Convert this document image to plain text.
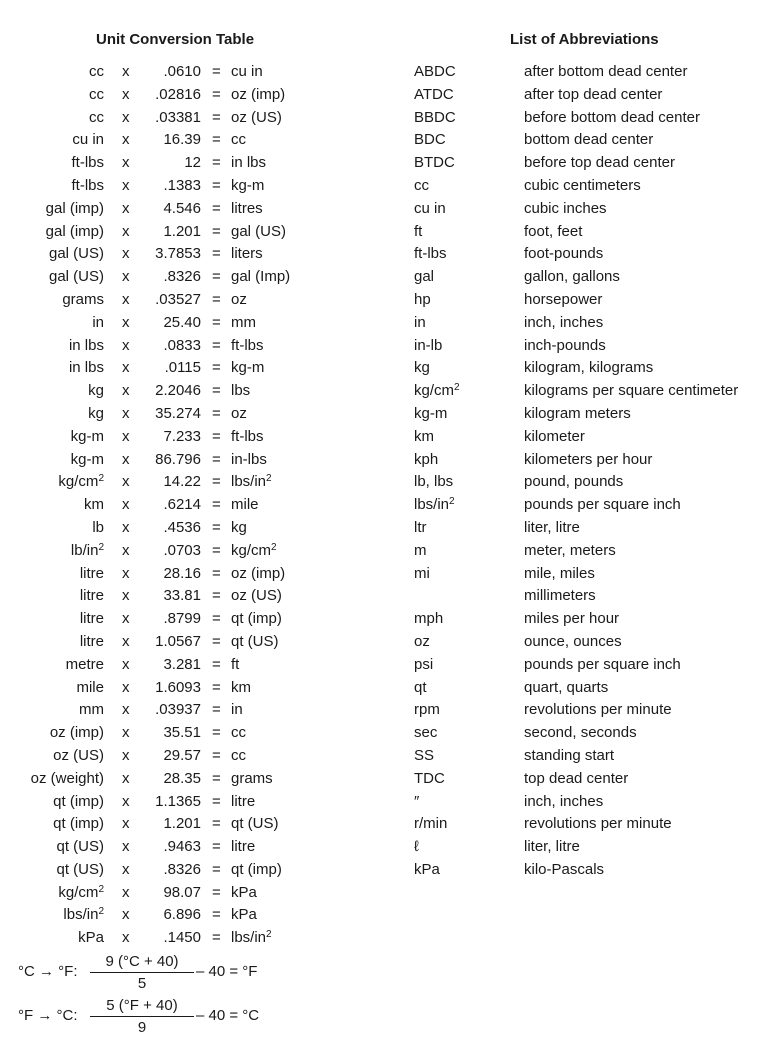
Unit Conversion Table	List of Abbreviations
cc x .0610 = cu in
cc x .02816 = oz (imp)
cc x .03381 = oz (US)
cu in x 16.39 = cc
ft-lbs x	12 = in lbs
ft-lbs x .1383 = kg-m
gal (imp) x 4.546 = litres
gal (imp) x 1.201 = gal (US)
gal (US) x 3.7853 = liters
gal (US) x .8326 = gal (Imp)
grams x .03527 = oz
in x 25.40 = mm
in lbs x .0833 = ft-lbs
in lbs x .0115 = kg-m
kg x 2.2046 = lbs
kg x 35.274 = oz
kg-m x 7.233 = ft-lbs
kg-m x 86.796 = in-lbs
$kg/cm^2$ x 14.22 = lbs/$in^2$
km x .6214 = mile
lb x .4536 = kg
$lb/in^2$ x $.0703 = kg/cm^2$
litre x 28.16 = oz (imp)
litre x 33.81 = oz (US)
litre x .8799 = qt (imp)
litre x 1.0567 = qt (US)
metre x 3.281 = ft
mile x 1.6093 = km
mm x .03937 = in
oz (imp) x 35.51 = cc
oz (US) x 29.57 = cc
oz (weight) x 28.35 = grams
qt (imp) x 1.1365 = litre
qt (imp) x 1.201 = qt (US)
qt (US) x .9463 = litre
qt (US) x .8326 = qt (imp)
$kg/cm^2$ x 98.07 = kPa
lbs/$in^2$ x 6.896 = kPa
kPa x .1450 = lbs/$in^2$
ABDC	after bottom dead center
ATDC	after top dead center
BBDC	before bottom dead center
BDC	bottom dead center
BTDC	before top dead center
cc	cubic centimeters
cu in	cubic inches
ft	foot, feet
ft-lbs	foot-pounds
gal	gallon, gallons
hp	horsepower
in	inch, inches
in-lb	inch-pounds
kg	kilogram, kilograms
$kg/cm^2$	kilograms per square centimeter
kg-m	kilogram meters
km	kilometer
kph	kilometers per hour
lb, lbs	pound, pounds
lbs/$in^2$	pounds per square inch
ltr	liter, litre
m	meter, meters
mi	mile, miles
millimeters
mph	miles per hour
oz	ounce, ounces
psi	pounds per square inch
qt	quart, quarts
rpm	revolutions per minute
sec	second, seconds
SS	standing start
TDC	top dead center
″	inch, inches
r/min	revolutions per minute
ℓ	liter, litre
kPa	kilo-Pascals
°C → °F: $\frac{9 (^\circ C + 40)}{5} - 40 = ^\circ F$
°F → °C: $\frac{5 (^\circ F + 40)}{9} - 40 = ^\circ C$
